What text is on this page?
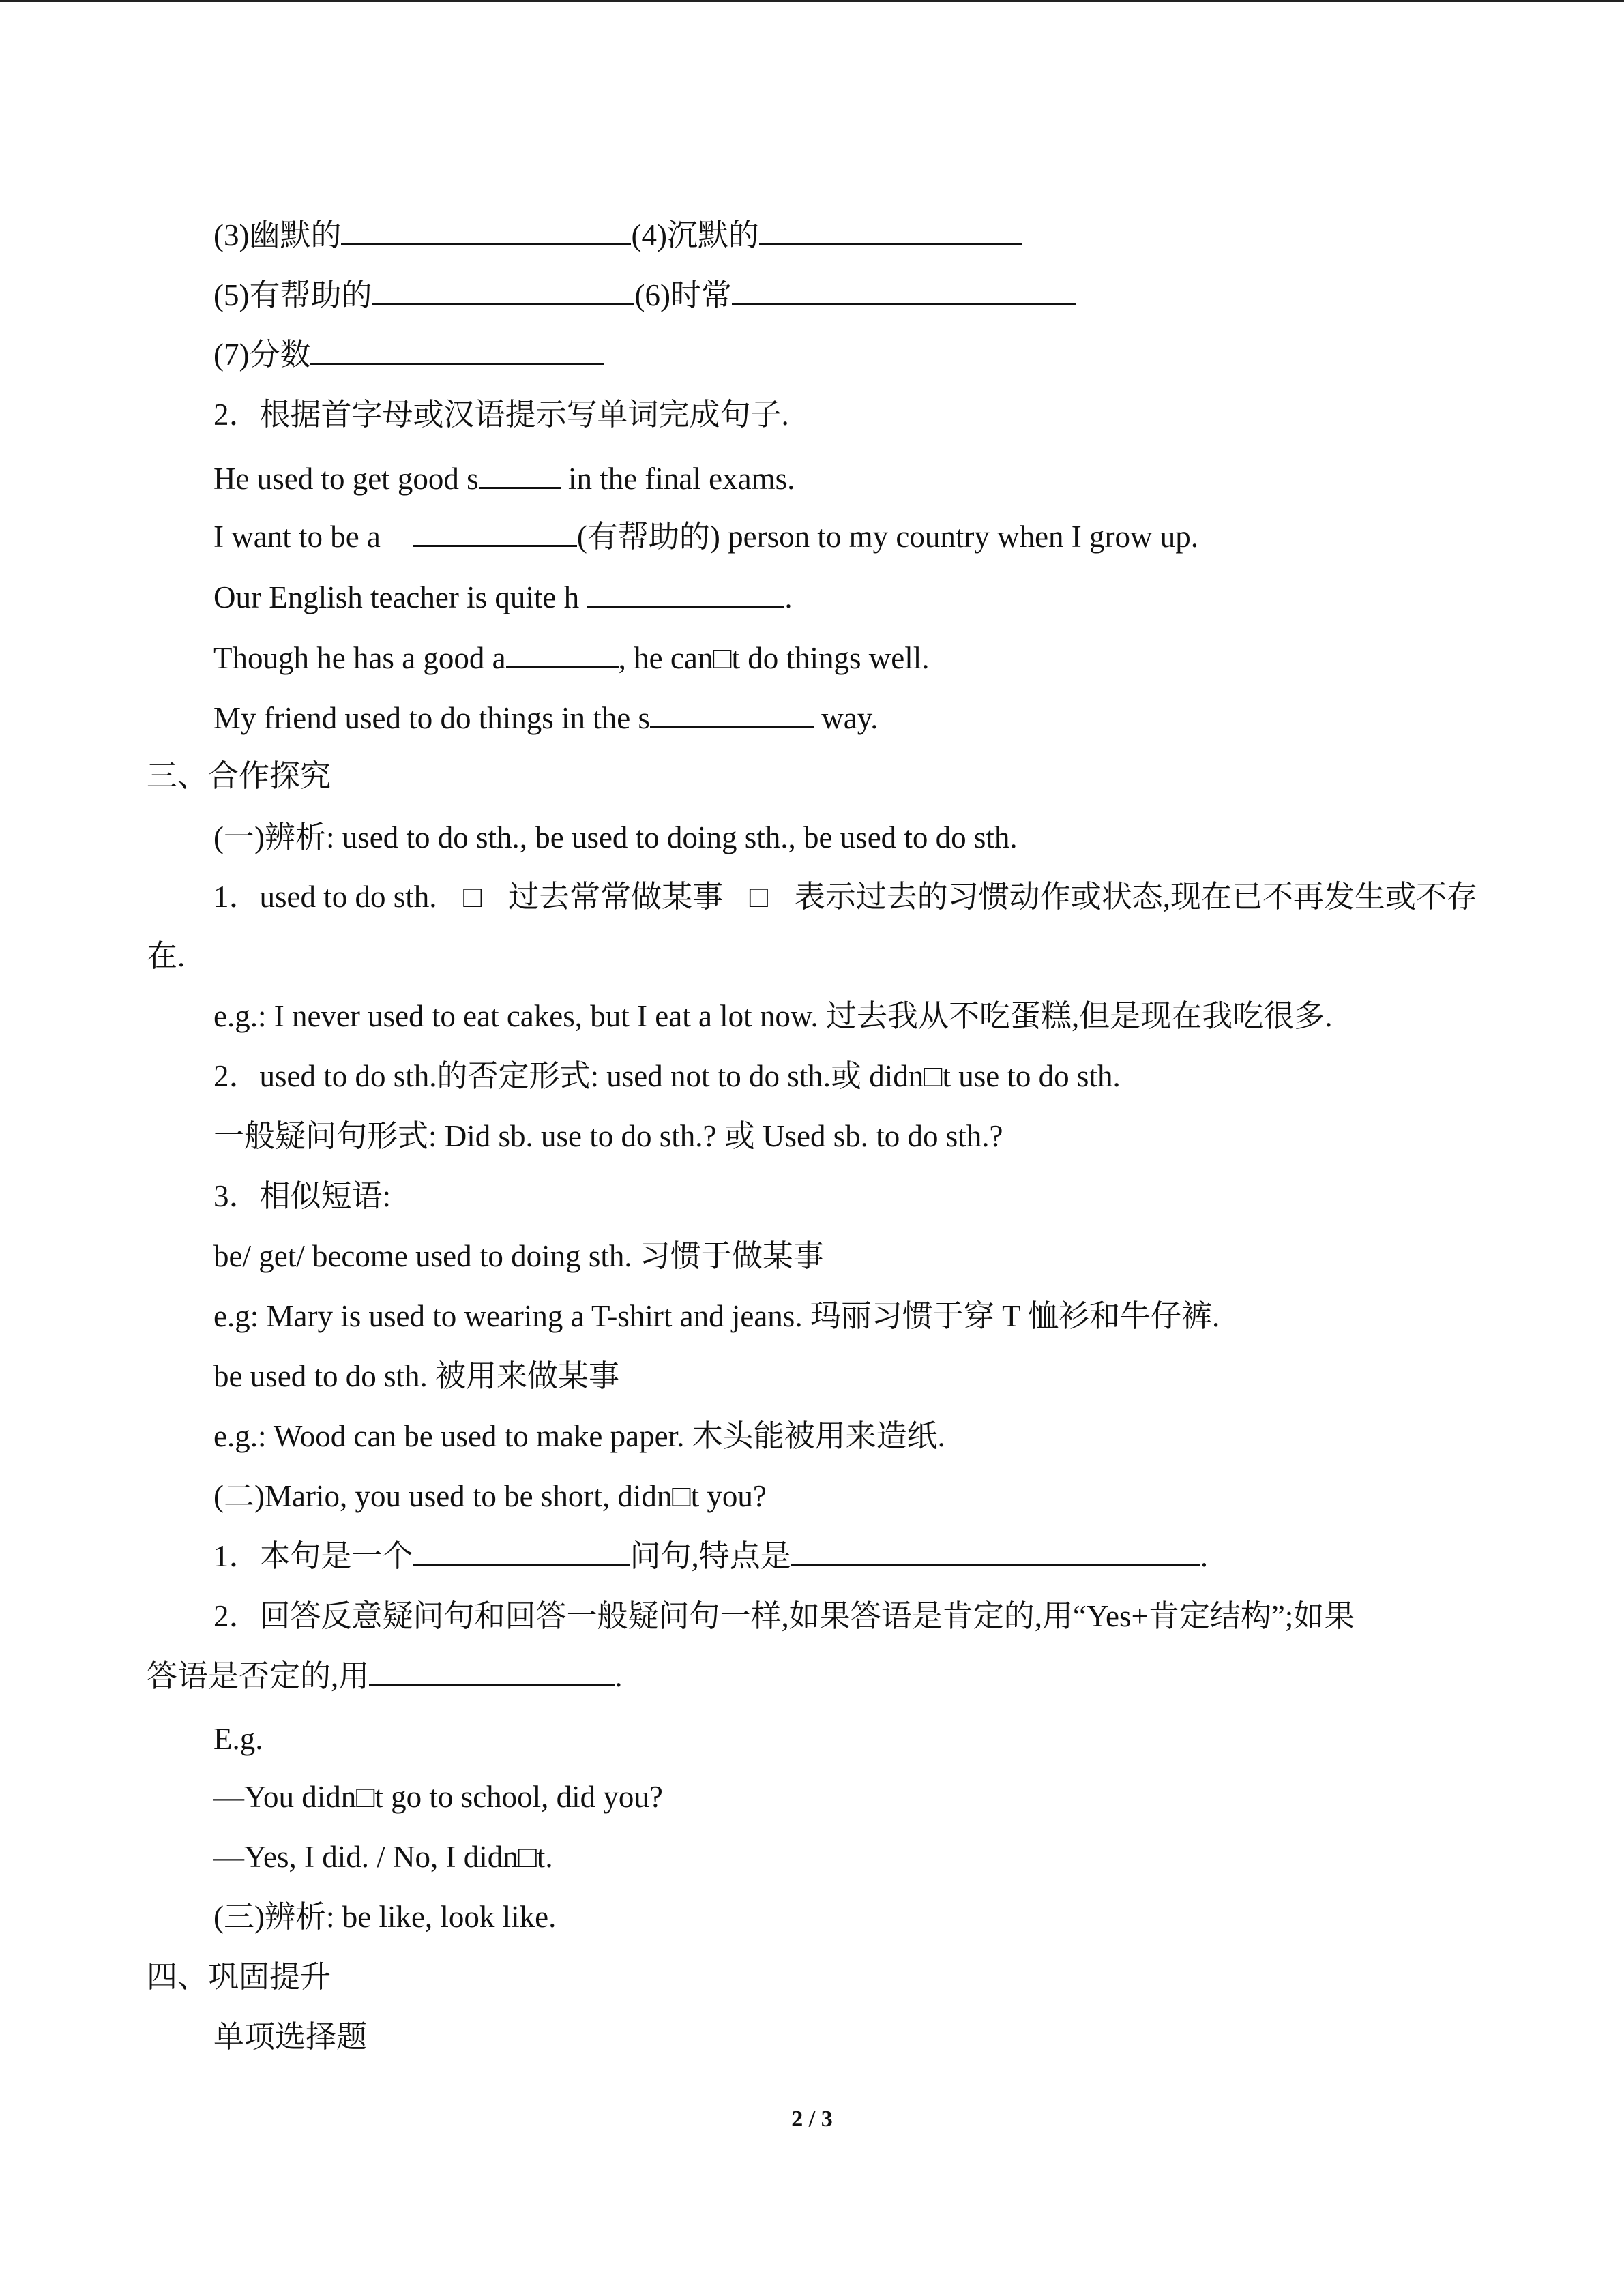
(3)幽默的	(4)沉默的
(5)有帮助的	(6)时常
(7)分数
2．根据首字母或汉语提示写单词完成句子.
He used to get good s	in the final exams.
I want to be a	(有帮助的) person to my country when I grow up.
Our English teacher is quite h	.
Though he has a good a	, he can□t do things well.
My friend used to do things in the s	way.
三、合作探究
(一)辨析: used to do sth., be used to doing sth., be used to do sth.
1．used to do sth. □ 过去常常做某事 □ 表示过去的习惯动作或状态,现在已不再发生或不存
在.
e.g.: I never used to eat cakes, but I eat a lot now. 过去我从不吃蛋糕,但是现在我吃很多.
2．used to do sth.的否定形式: used not to do sth.或 didn□t use to do sth.
一般疑问句形式: Did sb. use to do sth.? 或 Used sb. to do sth.?
3．相似短语:
be/ get/ become used to doing sth. 习惯于做某事
e.g: Mary is used to wearing a T-shirt and jeans. 玛丽习惯于穿 T 恤衫和牛仔裤.
be used to do sth. 被用来做某事
e.g.: Wood can be used to make paper. 木头能被用来造纸.
(二)Mario, you used to be short, didn□t you?
1．本句是一个	问句,特点是	.
2．回答反意疑问句和回答一般疑问句一样,如果答语是肯定的,用“Yes+肯定结构”;如果
答语是否定的,用	.
E.g.
—You didn□t go to school, did you?
—Yes, I did. / No, I didn□t.
(三)辨析: be like, look like.
四、巩固提升
单项选择题
2 / 3
